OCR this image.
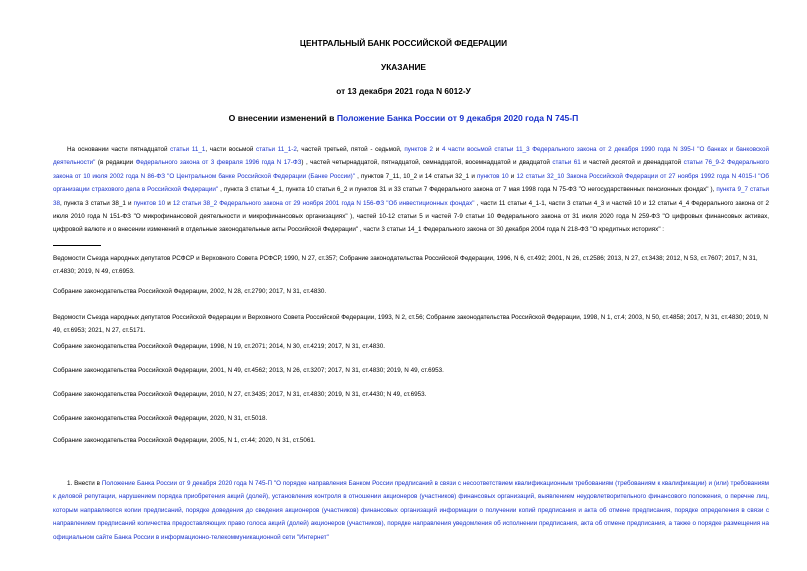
ЦЕНТРАЛЬНЫЙ БАНК РОССИЙСКОЙ ФЕДЕРАЦИИ
УКАЗАНИЕ
от 13 декабря 2021 года N 6012-У
О внесении изменений в Положение Банка России от 9 декабря 2020 года N 745-П

На основании части пятнадцатой статьи 11_1, части восьмой статьи 11_1-2, частей третьей, пятой - седьмой, пунктов 2 и 4 части восьмой статьи 11_3 Федерального закона от 2 декабря 1990 года N 395-I "О банках и банковской деятельности" (в редакции Федерального закона от 3 февраля 1996 года N 17-ФЗ) , частей четырнадцатой, пятнадцатой, семнадцатой, восемнадцатой и двадцатой статьи 61 и частей десятой и двенадцатой статьи 76_9-2 Федерального закона от 10 июля 2002 года N 86-ФЗ "О Центральном банке Российской Федерации (Банке России)" , пунктов 7_11, 10_2 и 14 статьи 32_1 и пунктов 10 и 12 статьи 32_10 Закона Российской Федерации от 27 ноября 1992 года N 4015-I "Об организации страхового дела в Российской Федерации" , пункта 3 статьи 4_1, пункта 10 статьи 6_2 и пунктов 31 и 33 статьи 7 Федерального закона от 7 мая 1998 года N 75-ФЗ "О негосударственных пенсионных фондах" ), пункта 9_7 статьи 38, пункта 3 статьи 38_1 и пунктов 10 и 12 статьи 38_2 Федерального закона от 29 ноября 2001 года N 156-ФЗ "Об инвестиционных фондах" , части 11 статьи 4_1-1, части 3 статьи 4_3 и частей 10 и 12 статьи 4_4 Федерального закона от 2 июля 2010 года N 151-ФЗ "О микрофинансовой деятельности и микрофинансовых организациях" ), частей 10-12 статьи 5 и частей 7-9 статьи 10 Федерального закона от 31 июля 2020 года N 259-ФЗ "О цифровых финансовых активах, цифровой валюте и о внесении изменений в отдельные законодательные акты Российской Федерации" , части 3 статьи 14_1 Федерального закона от 30 декабря 2004 года N 218-ФЗ "О кредитных историях" :

Ведомости Съезда народных депутатов РСФСР и Верховного Совета РСФСР, 1990, N 27, ст.357; Собрание законодательства Российской Федерации, 1996, N 6, ст.492; 2001, N 26, ст.2586; 2013, N 27, ст.3438; 2012, N 53, ст.7607; 2017, N 31, ст.4830; 2019, N 49, ст.6953.

Собрание законодательства Российской Федерации, 2002, N 28, ст.2790; 2017, N 31, ст.4830.

Ведомости Съезда народных депутатов Российской Федерации и Верховного Совета Российской Федерации, 1993, N 2, ст.56; Собрание законодательства Российской Федерации, 1998, N 1, ст.4; 2003, N 50, ст.4858; 2017, N 31, ст.4830; 2019, N 49, ст.6953; 2021, N 27, ст.5171.

Собрание законодательства Российской Федерации, 1998, N 19, ст.2071; 2014, N 30, ст.4219; 2017, N 31, ст.4830.

Собрание законодательства Российской Федерации, 2001, N 49, ст.4562; 2013, N 26, ст.3207; 2017, N 31, ст.4830; 2019, N 49, ст.6953.

Собрание законодательства Российской Федерации, 2010, N 27, ст.3435; 2017, N 31, ст.4830; 2019, N 31, ст.4430; N 49, ст.6953.

Собрание законодательства Российской Федерации, 2020, N 31, ст.5018.

Собрание законодательства Российской Федерации, 2005, N 1, ст.44; 2020, N 31, ст.5061.

1. Внести в Положение Банка России от 9 декабря 2020 года N 745-П "О порядке направления Банком России предписаний в связи с несоответствием квалификационным требованиям (требованиям к квалификации) и (или) требованиям к деловой репутации, нарушением порядка приобретения акций (долей), установления контроля в отношении акционеров (участников) финансовых организаций, выявлением неудовлетворительного финансового положения, о перечне лиц, которым направляются копии предписаний, порядке доведения до сведения акционеров (участников) финансовых организаций информации о получении копий предписания и акта об отмене предписания, порядке определения в связи с направлением предписаний количества предоставляющих право голоса акций (долей) акционеров (участников), порядке направления уведомления об исполнении предписания, акта об отмене предписания, а также о порядке размещения на официальном сайте Банка России в информационно-телекоммуникационной сети "Интернет"
